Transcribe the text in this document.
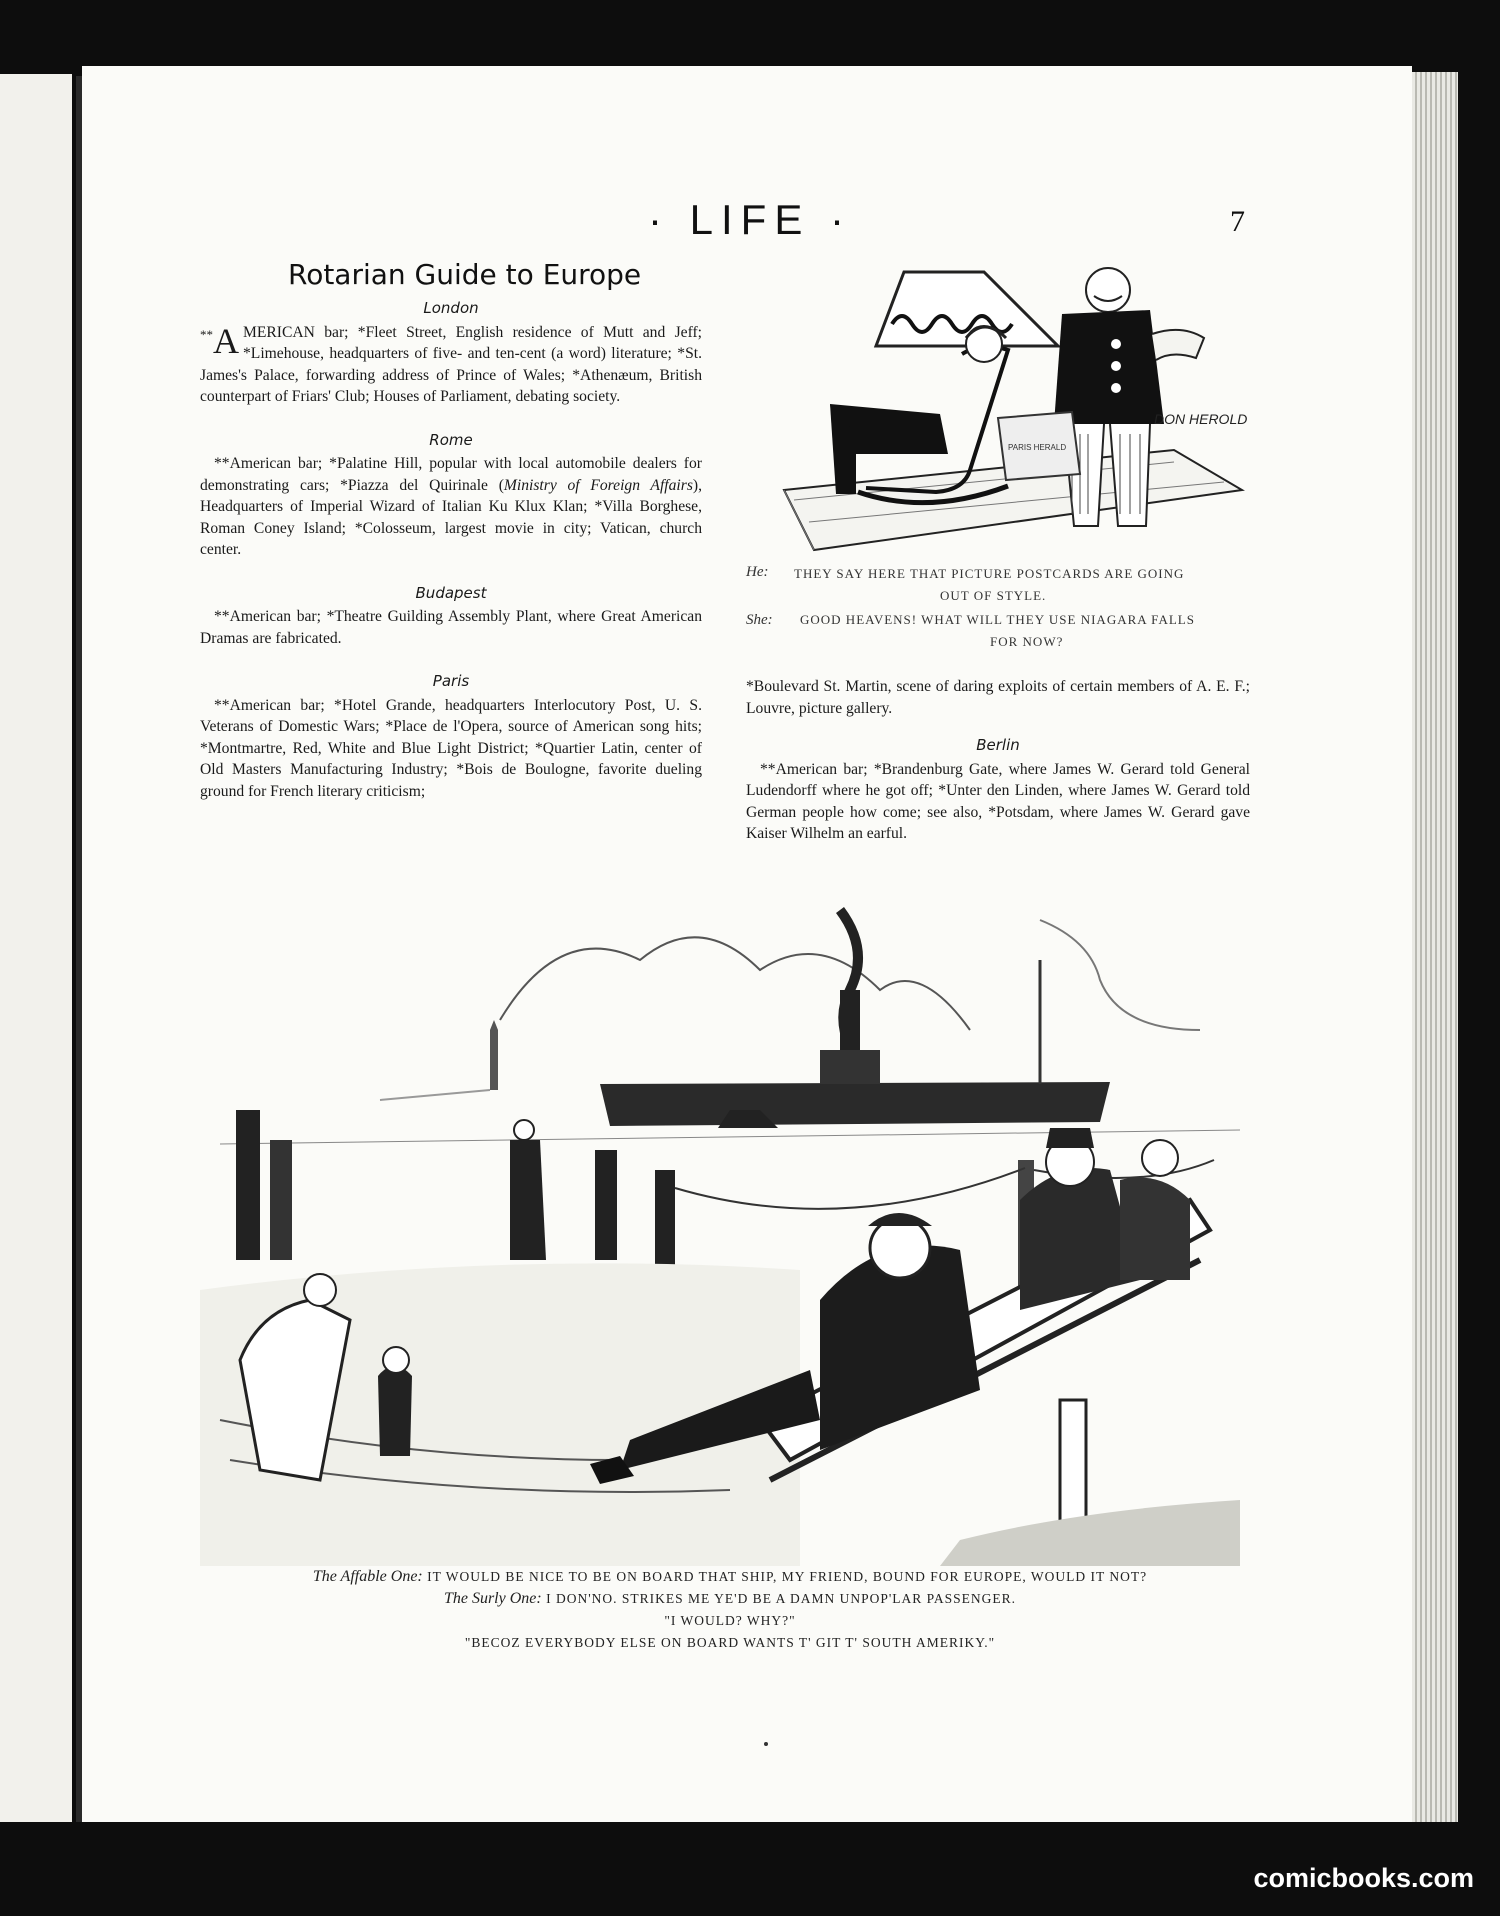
· LIFE ·	7
Rotarian Guide to Europe
London

** A MERICAN bar; *Fleet Street, English residence of Mutt and Jeff; *Limehouse, headquarters of five- and ten-cent (a word) literature; *St. James's Palace, forwarding address of Prince of Wales; *Athenæum, British counterpart of Friars' Club; Houses of Parliament, debating society.

Rome

**American bar; *Palatine Hill, popular with local automobile dealers for demonstrating cars; *Piazza del Quirinale (Ministry of Foreign Affairs), Headquarters of Imperial Wizard of Italian Ku Klux Klan; *Villa Borghese, Roman Coney Island; *Colosseum, largest movie in city; Vatican, church center.

Budapest

**American bar; *Theatre Guilding Assembly Plant, where Great American Dramas are fabricated.

Paris

**American bar; *Hotel Grande, headquarters Interlocutory Post, U. S. Veterans of Domestic Wars; *Place de l'Opera, source of American song hits; *Montmartre, Red, White and Blue Light District; *Quartier Latin, center of Old Masters Manufacturing Industry; *Bois de Boulogne, favorite dueling ground for French literary criticism;

PARIS HERALD
DON HEROLD
He: THEY SAY HERE THAT PICTURE POSTCARDS ARE GOING
OUT OF STYLE.
She: GOOD HEAVENS! WHAT WILL THEY USE NIAGARA FALLS
FOR NOW?

*Boulevard St. Martin, scene of daring exploits of certain members of A. E. F.; Louvre, picture gallery.

Berlin

**American bar; *Brandenburg Gate, where James W. Gerard told General Ludendorff where he got off; *Unter den Linden, where James W. Gerard told German people how come; see also, *Potsdam, where James W. Gerard gave Kaiser Wilhelm an earful.

The Affable One: IT WOULD BE NICE TO BE ON BOARD THAT SHIP, MY FRIEND, BOUND FOR EUROPE, WOULD IT NOT?
The Surly One: I DON'NO. STRIKES ME YE'D BE A DAMN UNPOP'LAR PASSENGER.
"I WOULD? WHY?"
"BECOZ EVERYBODY ELSE ON BOARD WANTS T' GIT T' SOUTH AMERIKY."
comicbooks.com
